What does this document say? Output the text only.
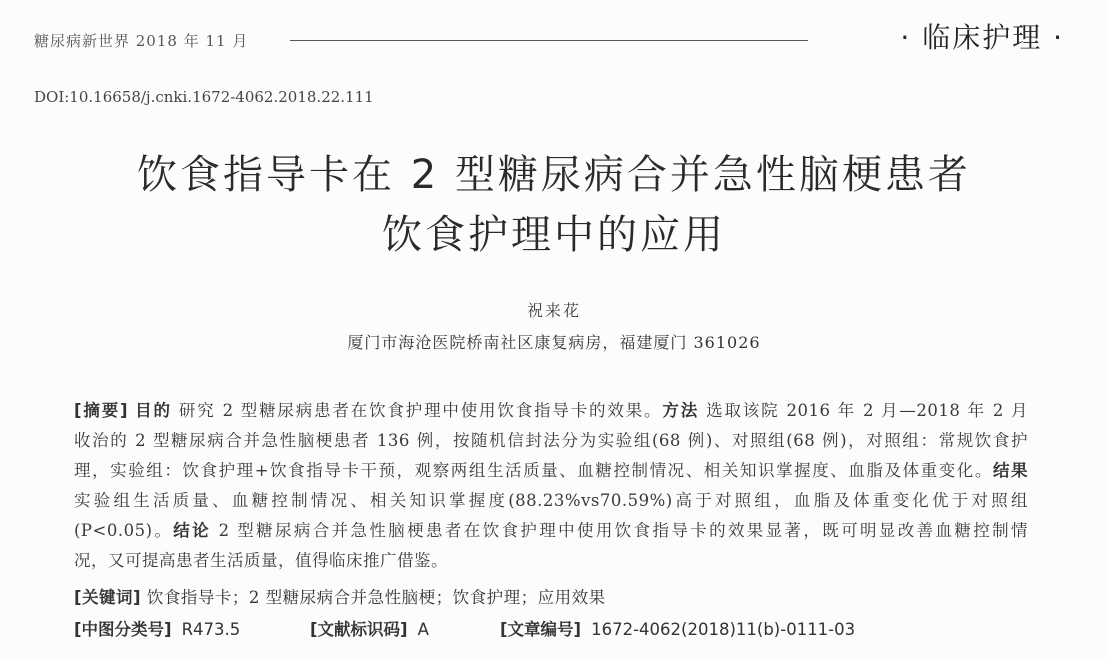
糖尿病新世界 2018 年 11 月	· 临床护理 ·
DOI:10.16658/j.cnki.1672-4062.2018.22.111
饮食指导卡在 2 型糖尿病合并急性脑梗患者
饮食护理中的应用
祝来花
厦门市海沧医院桥南社区康复病房，福建厦门 361026
[摘要] 目的 研究 2 型糖尿病患者在饮食护理中使用饮食指导卡的效果。方法 选取该院 2016 年 2 月—2018 年 2 月
收治的 2 型糖尿病合并急性脑梗患者 136 例，按随机信封法分为实验组(68 例)、对照组(68 例)，对照组：常规饮食护
理，实验组：饮食护理+饮食指导卡干预，观察两组生活质量、血糖控制情况、相关知识掌握度、血脂及体重变化。结果
实验组生活质量、血糖控制情况、相关知识掌握度(88.23%vs70.59%)高于对照组，血脂及体重变化优于对照组
(P<0.05)。结论 2 型糖尿病合并急性脑梗患者在饮食护理中使用饮食指导卡的效果显著，既可明显改善血糖控制情
况，又可提高患者生活质量，值得临床推广借鉴。
[关键词] 饮食指导卡；2 型糖尿病合并急性脑梗；饮食护理；应用效果
[中图分类号] R473.5	[文献标识码] A	[文章编号] 1672-4062(2018)11(b)-0111-03
